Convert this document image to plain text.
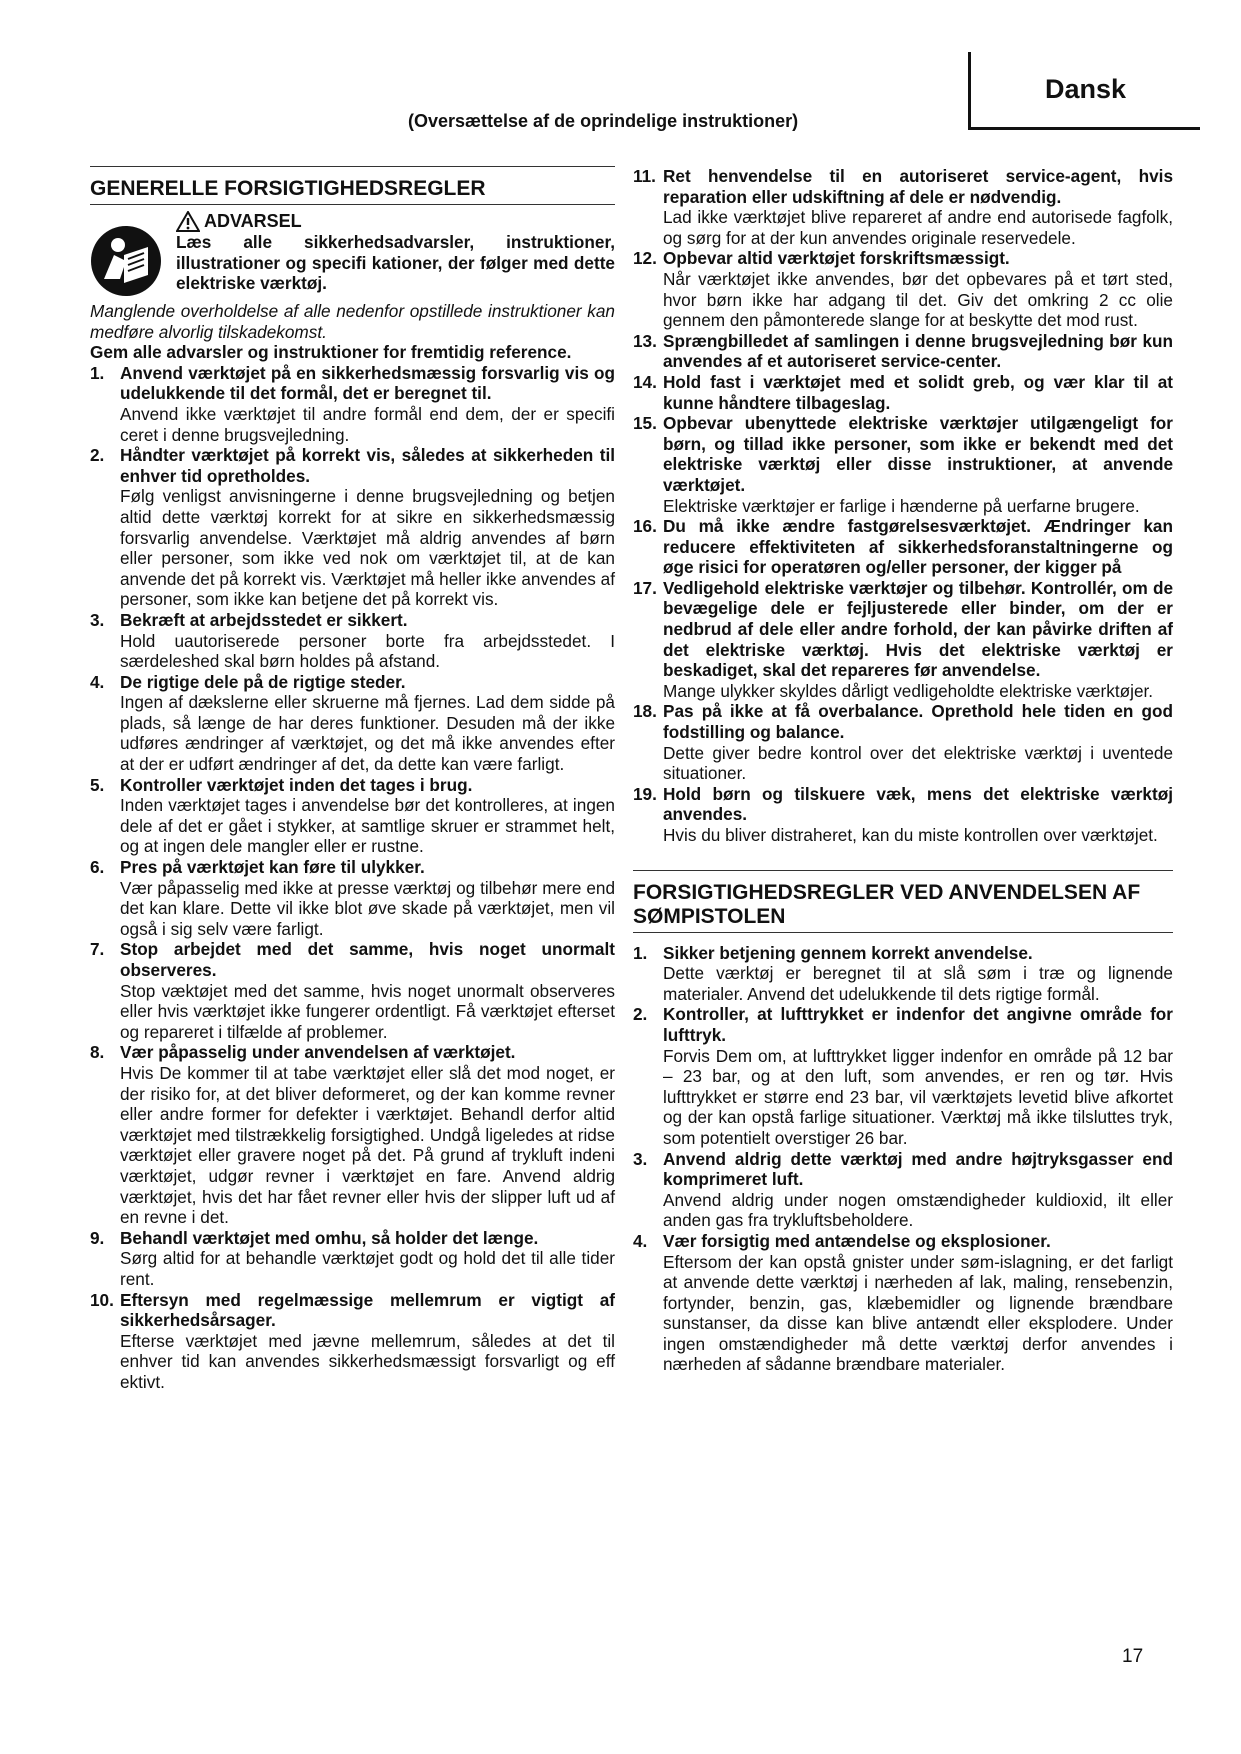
Dansk
(Oversættelse af de oprindelige instruktioner)
GENERELLE FORSIGTIGHEDSREGLER
ADVARSEL
Læs alle sikkerhedsadvarsler, instruktioner, illustrationer og specifi kationer, der følger med dette elektriske værktøj.
Manglende overholdelse af alle nedenfor opstillede instruktioner kan medføre alvorlig tilskadekomst.
Gem alle advarsler og instruktioner for fremtidig reference.
1. Anvend værktøjet på en sikkerhedsmæssig forsvarlig vis og udelukkende til det formål, det er beregnet til.
Anvend ikke værktøjet til andre formål end dem, der er specifi ceret i denne brugsvejledning.
2. Håndter værktøjet på korrekt vis, således at sikkerheden til enhver tid opretholdes.
Følg venligst anvisningerne i denne brugsvejledning og betjen altid dette værktøj korrekt for at sikre en sikkerhedsmæssig forsvarlig anvendelse. Værktøjet må aldrig anvendes af børn eller personer, som ikke ved nok om værktøjet til, at de kan anvende det på korrekt vis. Værktøjet må heller ikke anvendes af personer, som ikke kan betjene det på korrekt vis.
3. Bekræft at arbejdsstedet er sikkert.
Hold uautoriserede personer borte fra arbejdsstedet. I særdeleshed skal børn holdes på afstand.
4. De rigtige dele på de rigtige steder.
Ingen af dækslerne eller skruerne må fjernes. Lad dem sidde på plads, så længe de har deres funktioner. Desuden må der ikke udføres ændringer af værktøjet, og det må ikke anvendes efter at der er udført ændringer af det, da dette kan være farligt.
5. Kontroller værktøjet inden det tages i brug.
Inden værktøjet tages i anvendelse bør det kontrolleres, at ingen dele af det er gået i stykker, at samtlige skruer er strammet helt, og at ingen dele mangler eller er rustne.
6. Pres på værktøjet kan føre til ulykker.
Vær påpasselig med ikke at presse værktøj og tilbehør mere end det kan klare. Dette vil ikke blot øve skade på værktøjet, men vil også i sig selv være farligt.
7. Stop arbejdet med det samme, hvis noget unormalt observeres.
Stop væktøjet med det samme, hvis noget unormalt observeres eller hvis værktøjet ikke fungerer ordentligt. Få værktøjet efterset og repareret i tilfælde af problemer.
8. Vær påpasselig under anvendelsen af værktøjet.
Hvis De kommer til at tabe værktøjet eller slå det mod noget, er der risiko for, at det bliver deformeret, og der kan komme revner eller andre former for defekter i værktøjet. Behandl derfor altid værktøjet med tilstrækkelig forsigtighed. Undgå ligeledes at ridse værktøjet eller gravere noget på det. På grund af trykluft indeni værktøjet, udgør revner i værktøjet en fare. Anvend aldrig værktøjet, hvis det har fået revner eller hvis der slipper luft ud af en revne i det.
9. Behandl værktøjet med omhu, så holder det længe.
Sørg altid for at behandle værktøjet godt og hold det til alle tider rent.
10. Eftersyn med regelmæssige mellemrum er vigtigt af sikkerhedsårsager.
Efterse værktøjet med jævne mellemrum, således at det til enhver tid kan anvendes sikkerhedsmæssigt forsvarligt og eff ektivt.
11. Ret henvendelse til en autoriseret service-agent, hvis reparation eller udskiftning af dele er nødvendig.
Lad ikke værktøjet blive repareret af andre end autorisede fagfolk, og sørg for at der kun anvendes originale reservedele.
12. Opbevar altid værktøjet forskriftsmæssigt.
Når værktøjet ikke anvendes, bør det opbevares på et tørt sted, hvor børn ikke har adgang til det. Giv det omkring 2 cc olie gennem den påmonterede slange for at beskytte det mod rust.
13. Sprængbilledet af samlingen i denne brugsvejledning bør kun anvendes af et autoriseret service-center.
14. Hold fast i værktøjet med et solidt greb, og vær klar til at kunne håndtere tilbageslag.
15. Opbevar ubenyttede elektriske værktøjer utilgængeligt for børn, og tillad ikke personer, som ikke er bekendt med det elektriske værktøj eller disse instruktioner, at anvende værktøjet.
Elektriske værktøjer er farlige i hænderne på uerfarne brugere.
16. Du må ikke ændre fastgørelsesværktøjet. Ændringer kan reducere effektiviteten af sikkerhedsforanstaltningerne og øge risici for operatøren og/eller personer, der kigger på
17. Vedligehold elektriske værktøjer og tilbehør. Kontrollér, om de bevægelige dele er fejljusterede eller binder, om der er nedbrud af dele eller andre forhold, der kan påvirke driften af det elektriske værktøj. Hvis det elektriske værktøj er beskadiget, skal det repareres før anvendelse.
Mange ulykker skyldes dårligt vedligeholdte elektriske værktøjer.
18. Pas på ikke at få overbalance. Oprethold hele tiden en god fodstilling og balance.
Dette giver bedre kontrol over det elektriske værktøj i uventede situationer.
19. Hold børn og tilskuere væk, mens det elektriske værktøj anvendes.
Hvis du bliver distraheret, kan du miste kontrollen over værktøjet.
FORSIGTIGHEDSREGLER VED ANVENDELSEN AF SØMPISTOLEN
1. Sikker betjening gennem korrekt anvendelse.
Dette værktøj er beregnet til at slå søm i træ og lignende materialer. Anvend det udelukkende til dets rigtige formål.
2. Kontroller, at lufttrykket er indenfor det angivne område for lufttryk.
Forvis Dem om, at lufttrykket ligger indenfor en område på 12 bar – 23 bar, og at den luft, som anvendes, er ren og tør. Hvis lufttrykket er større end 23 bar, vil værktøjets levetid blive afkortet og der kan opstå farlige situationer. Værktøj må ikke tilsluttes tryk, som potentielt overstiger 26 bar.
3. Anvend aldrig dette værktøj med andre højtryksgasser end komprimeret luft.
Anvend aldrig under nogen omstændigheder kuldioxid, ilt eller anden gas fra trykluftsbeholdere.
4. Vær forsigtig med antændelse og eksplosioner.
Eftersom der kan opstå gnister under søm-islagning, er det farligt at anvende dette værktøj i nærheden af lak, maling, rensebenzin, fortynder, benzin, gas, klæbemidler og lignende brændbare sunstanser, da disse kan blive antændt eller eksplodere. Under ingen omstændigheder må dette værktøj derfor anvendes i nærheden af sådanne brændbare materialer.
17
